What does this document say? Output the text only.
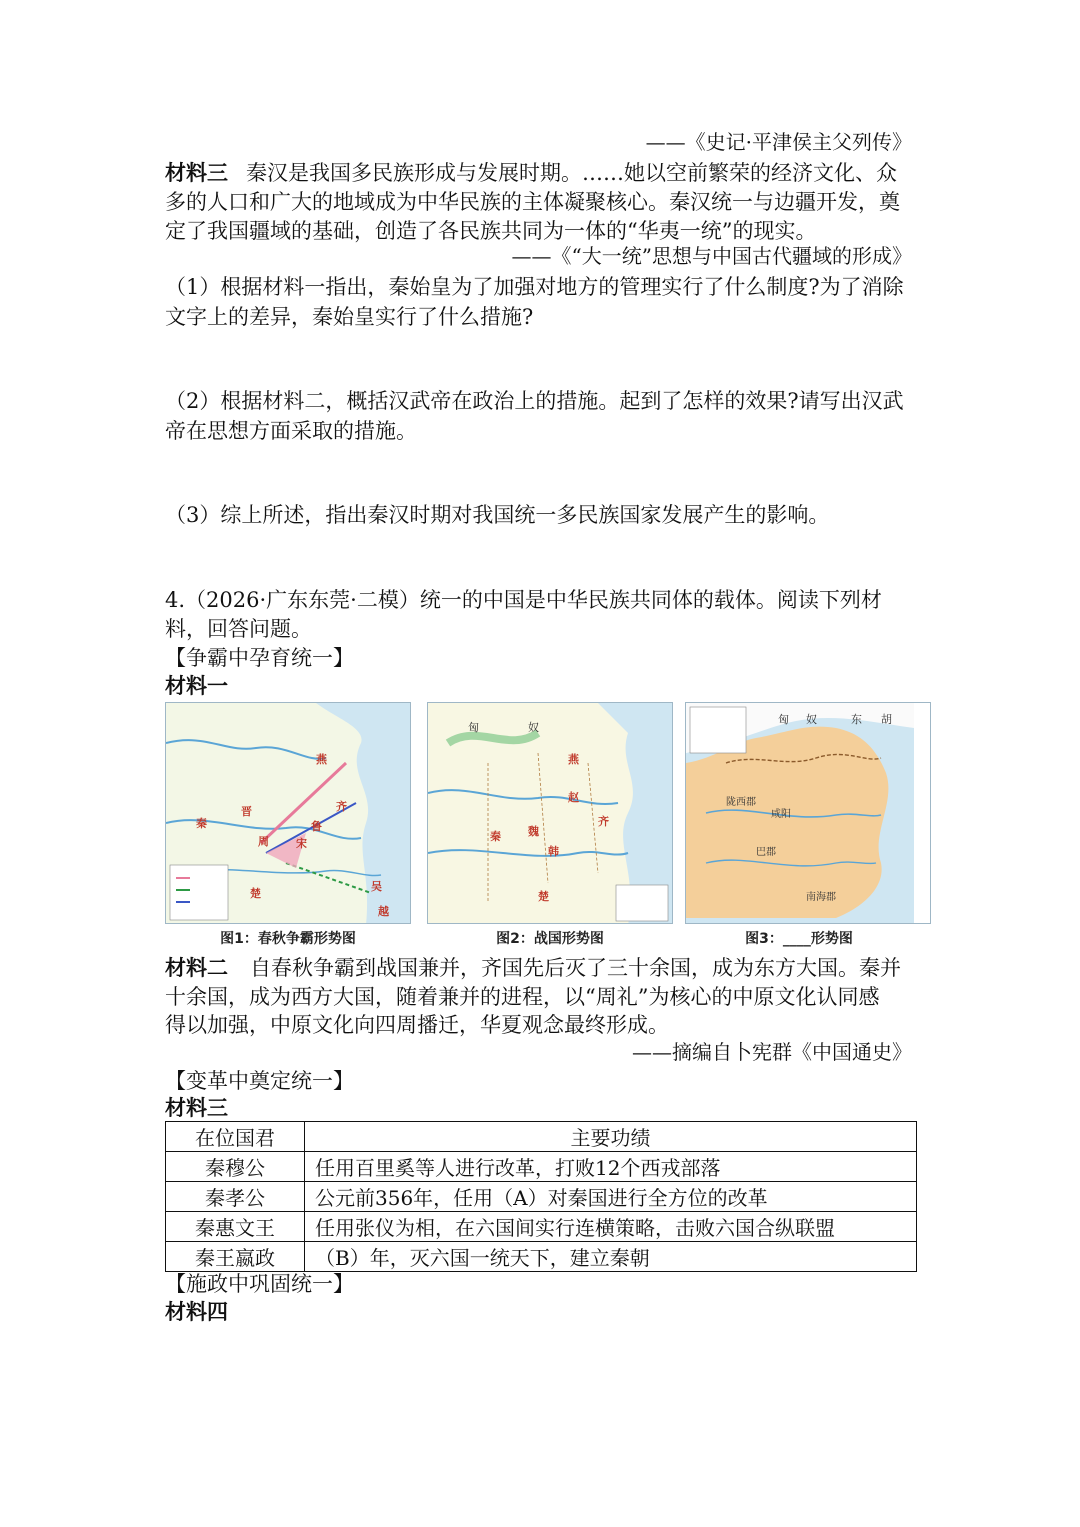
——《史记·平津侯主父列传》
材料三 秦汉是我国多民族形成与发展时期。……她以空前繁荣的经济文化、众
多的人口和广大的地域成为中华民族的主体凝聚核心。秦汉统一与边疆开发，奠
定了我国疆域的基础，创造了各民族共同为一体的“华夷一统”的现实。
——《“大一统”思想与中国古代疆域的形成》
（1）根据材料一指出，秦始皇为了加强对地方的管理实行了什么制度?为了消除
文字上的差异，秦始皇实行了什么措施?
（2）根据材料二，概括汉武帝在政治上的措施。起到了怎样的效果?请写出汉武
帝在思想方面采取的措施。
（3）综上所述，指出秦汉时期对我国统一多民族国家发展产生的影响。
4.（2026·广东东莞·二模）统一的中国是中华民族共同体的载体。阅读下列材
料，回答问题。
【争霸中孕育统一】
材料一
秦
晋	齐
楚
吴
越
周
燕
鲁
宋
匈	奴
燕
赵
魏
韩
秦
齐
楚
匈 奴	东 胡
咸阳
陇西郡
巴郡
南海郡
图1：春秋争霸形势图	图2：战国形势图	图3：____形势图
材料二 自春秋争霸到战国兼并，齐国先后灭了三十余国，成为东方大国。秦并
十余国，成为西方大国，随着兼并的进程，以“周礼”为核心的中原文化认同感
得以加强，中原文化向四周播迁，华夏观念最终形成。
——摘编自卜宪群《中国通史》
【变革中奠定统一】
材料三
在位国君	主要功绩
秦穆公	任用百里奚等人进行改革，打败12个西戎部落
秦孝公	公元前356年，任用（A）对秦国进行全方位的改革
秦惠文王	任用张仪为相，在六国间实行连横策略，击败六国合纵联盟
秦王嬴政	（B）年，灭六国一统天下，建立秦朝
【施政中巩固统一】
材料四
